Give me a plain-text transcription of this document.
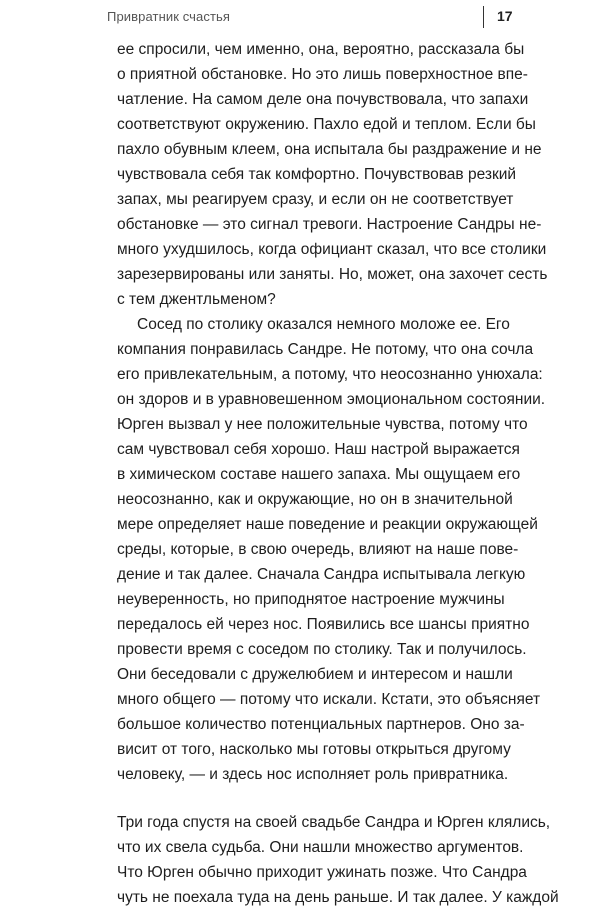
Привратник счастья	17
ее спросили, чем именно, она, вероятно, рассказала бы
о приятной обстановке. Но это лишь поверхностное впе-
чатление. На самом деле она почувствовала, что запахи
соответствуют окружению. Пахло едой и теплом. Если бы
пахло обувным клеем, она испытала бы раздражение и не
чувствовала себя так комфортно. Почувствовав резкий
запах, мы реагируем сразу, и если он не соответствует
обстановке — это сигнал тревоги. Настроение Сандры не-
много ухудшилось, когда официант сказал, что все столики
зарезервированы или заняты. Но, может, она захочет сесть
с тем джентльменом?
Сосед по столику оказался немного моложе ее. Его
компания понравилась Сандре. Не потому, что она сочла
его привлекательным, а потому, что неосознанно унюхала:
он здоров и в уравновешенном эмоциональном состоянии.
Юрген вызвал у нее положительные чувства, потому что
сам чувствовал себя хорошо. Наш настрой выражается
в химическом составе нашего запаха. Мы ощущаем его
неосознанно, как и окружающие, но он в значительной
мере определяет наше поведение и реакции окружающей
среды, которые, в свою очередь, влияют на наше пове-
дение и так далее. Сначала Сандра испытывала легкую
неуверенность, но приподнятое настроение мужчины
передалось ей через нос. Появились все шансы приятно
провести время с соседом по столику. Так и получилось.
Они беседовали с дружелюбием и интересом и нашли
много общего — потому что искали. Кстати, это объясняет
большое количество потенциальных партнеров. Оно за-
висит от того, насколько мы готовы открыться другому
человеку, — и здесь нос исполняет роль привратника.
Три года спустя на своей свадьбе Сандра и Юрген клялись,
что их свела судьба. Они нашли множество аргументов.
Что Юрген обычно приходит ужинать позже. Что Сандра
чуть не поехала туда на день раньше. И так далее. У каждой
